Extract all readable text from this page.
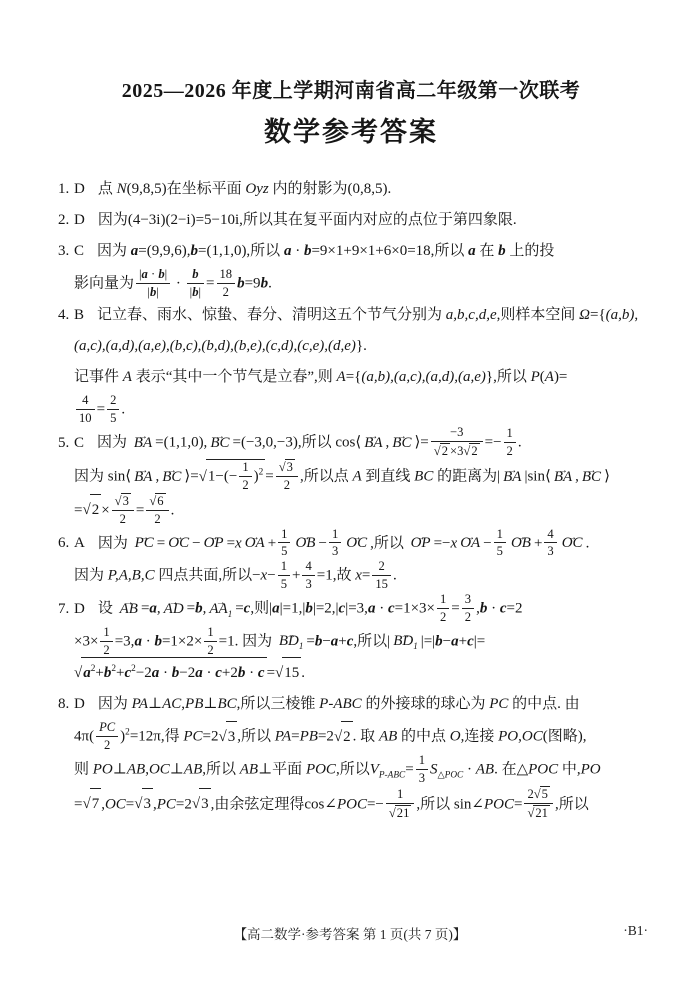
2025—2026 年度上学期河南省高二年级第一次联考
数学参考答案
1. D 点 N(9,8,5)在坐标平面 Oyz 内的射影为(0,8,5).
2. D 因为(4−3i)(2−i)=5−10i,所以其在复平面内对应的点位于第四象限.
3. C 因为 a=(9,9,6),b=(1,1,0),所以 a · b=9×1+9×1+6×0=18,所以 a 在 b 上的投
影向量为 $\frac{|a \cdot b|}{|b|} \cdot \frac{b}{|b|} = \frac{18}{2} b=9b$.
4. B 记立春、雨水、惊蛰、春分、清明这五个节气分别为 a,b,c,d,e,则样本空间 Ω={(a,b),
(a,c),(a,d),(a,e),(b,c),(b,d),(b,e),(c,d),(c,e),(d,e)}.
记事件 A 表示“其中一个节气是立春”,则 A={(a,b),(a,c),(a,d),(a,e)},所以 P(A)=
$\frac{4}{10} = \frac{2}{5}$ .
5. C 因为 → BA =(1,1,0), → BC =(−3,0,−3),所以 cos⟨ → BA , → BC ⟩= −3
√ 2 ×3 √ $2 =- \frac{1}{2}$ .
因为 sin⟨ → BA , → BC ⟩= √ $1-(- \frac{1}{2} )^2$ = √ $\frac{3}{2}$ ,所以点 A 到直线 BC 的距离为| → BA |sin⟨ → BA , → BC ⟩
= √ 2 × √ $\frac{3}{2}$ = √ $\frac{6}{2}$ .
6. A 因为 → PC = → OC − → OP =x → OA + $\frac{1}{5}$ → OB − $\frac{1}{3}$ → OC ,所以 → OP =−x → OA − $\frac{1}{5}$ → OB + $\frac{4}{3}$ → OC .
因为 P,A,B,C 四点共面,所以$-x- \frac{1}{5} + \frac{4}{3} =1$,故 $x= \frac{2}{15}$ .
7. D 设 → AB =a, → AD =b, → $AA_1 =c$,则$|a|=1,|b|=2,|c|=3,a \cdot c=1\times 3\times \frac{1}{2} = \frac{3}{2} ,b \cdot c=2$
$\times 3\times \frac{1}{2} =3,a \cdot b=1\times 2\times \frac{1}{2} =1$. 因为 → $BD_1 =b-a+c$,所以| → $BD_1$ |=|b−a+c|=
√ $a^2+b^2+c^2-2a \cdot b-2a \cdot c+2b \cdot c$ = √ 15 .
8. D 因为 PA⊥AC,PB⊥BC,所以三棱锥 P-ABC 的外接球的球心为 PC 的中点. 由
$4\pi( \frac{PC}{2} )^2=12\pi$,得 PC=2 √ 3 ,所以 PA=PB=2 √ 2 . 取 AB 的中点 O,连接 PO,OC(图略),
则 PO⊥AB,OC⊥AB,所以 AB⊥平面 POC,所以$V_{P-ABC}= \frac{1}{3} S_{\triangle POC}$ · AB. 在△POC 中,PO
= √ 7 ,OC= √ 3 ,PC=2 √ 3 ,由余弦定理得cos∠POC=− 1
√ 21 ,所以 sin∠POC= 2 √ 5
√ 21 ,所以
【高二数学·参考答案 第 1 页(共 7 页)】	·B1·
